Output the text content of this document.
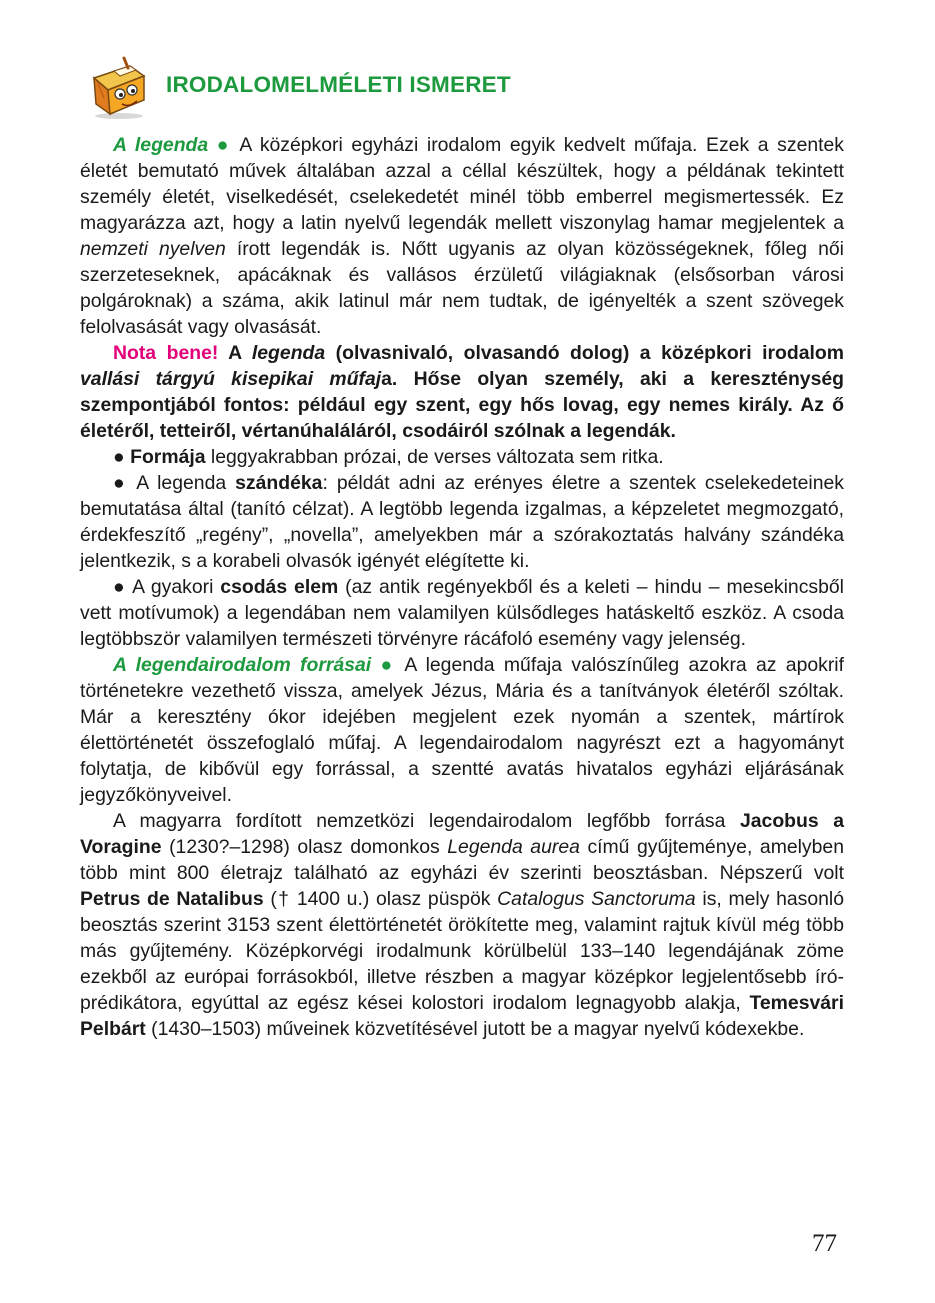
IRODALOMELMÉLETI ISMERET

A legenda ● A középkori egyházi irodalom egyik kedvelt műfaja. Ezek a szentek életét bemutató művek általában azzal a céllal készültek, hogy a példának tekintett személy életét, viselkedését, cselekedetét minél több emberrel megismertessék. Ez magyarázza azt, hogy a latin nyelvű legendák mellett viszonylag hamar megjelentek a nemzeti nyelven írott legendák is. Nőtt ugyanis az olyan közösségeknek, főleg női szerzeteseknek, apácáknak és vallásos érzületű világiaknak (elsősorban városi polgároknak) a száma, akik latinul már nem tudtak, de igényelték a szent szövegek felolvasását vagy olvasását.

Nota bene! A legenda (olvasnivaló, olvasandó dolog) a középkori irodalom vallási tárgyú kisepikai műfaja. Hőse olyan személy, aki a kereszténység szempontjából fontos: például egy szent, egy hős lovag, egy nemes király. Az ő életéről, tetteiről, vértanúhaláláról, csodáiról szólnak a legendák.

● Formája leggyakrabban prózai, de verses változata sem ritka.

● A legenda szándéka: példát adni az erényes életre a szentek cselekedeteinek bemutatása által (tanító célzat). A legtöbb legenda izgalmas, a képzeletet megmozgató, érdekfeszítő „regény”, „novella”, amelyekben már a szórakoztatás halvány szándéka jelentkezik, s a korabeli olvasók igényét elégítette ki.

● A gyakori csodás elem (az antik regényekből és a keleti – hindu – mesekincsből vett motívumok) a legendában nem valamilyen külsődleges hatáskeltő eszköz. A csoda legtöbbször valamilyen természeti törvényre rácáfoló esemény vagy jelenség.

A legendairodalom forrásai ● A legenda műfaja valószínűleg azokra az apokrif történetekre vezethető vissza, amelyek Jézus, Mária és a tanítványok életéről szóltak. Már a keresztény ókor idejében megjelent ezek nyomán a szentek, mártírok élettörténetét összefoglaló műfaj. A legendairodalom nagyrészt ezt a hagyományt folytatja, de kibővül egy forrással, a szentté avatás hivatalos egyházi eljárásának jegyzőkönyveivel.

A magyarra fordított nemzetközi legendairodalom legfőbb forrása Jacobus a Voragine (1230?–1298) olasz domonkos Legenda aurea című gyűjteménye, amelyben több mint 800 életrajz található az egyházi év szerinti beosztásban. Népszerű volt Petrus de Natalibus († 1400 u.) olasz püspök Catalogus Sanctoruma is, mely hasonló beosztás szerint 3153 szent élettörténetét örökítette meg, valamint rajtuk kívül még több más gyűjtemény. Középkorvégi irodalmunk körülbelül 133–140 legendájának zöme ezekből az európai forrásokból, illetve részben a magyar középkor legjelentősebb író-prédikátora, egyúttal az egész kései kolostori irodalom legnagyobb alakja, Temesvári Pelbárt (1430–1503) műveinek közvetítésével jutott be a magyar nyelvű kódexekbe.

77
